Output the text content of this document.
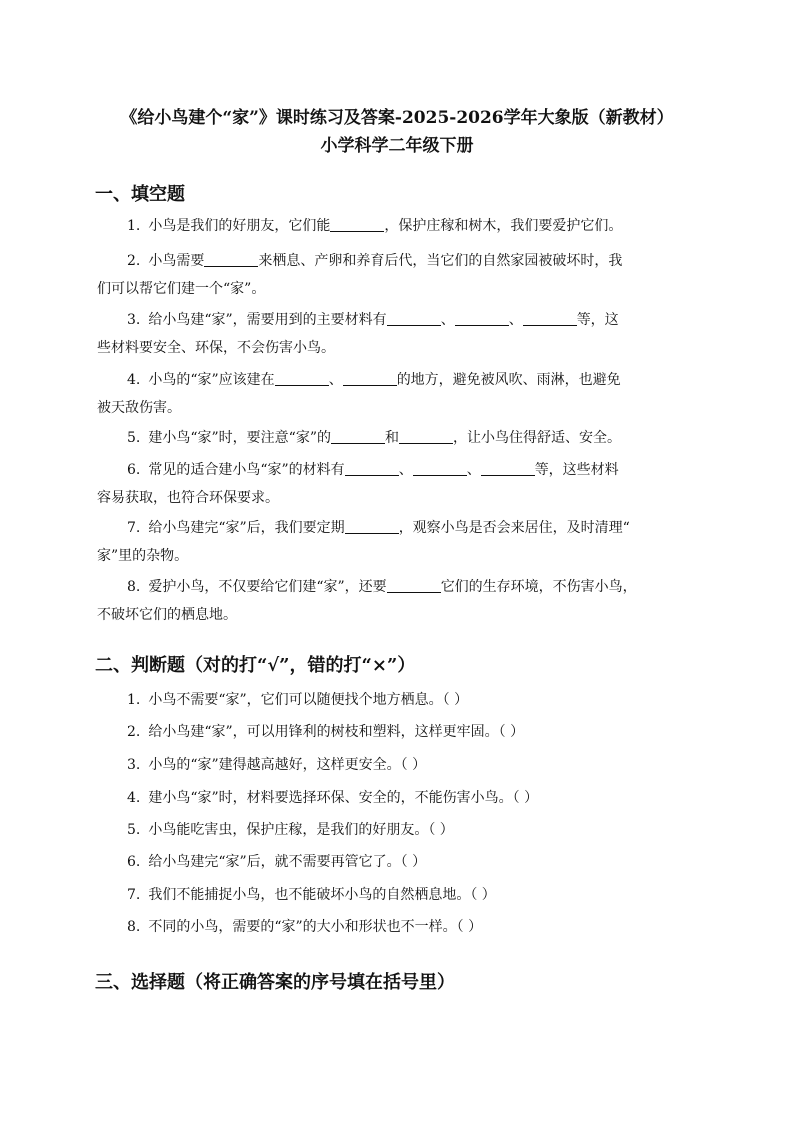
《给小鸟建个“家”》课时练习及答案-2025-2026学年大象版（新教材）
小学科学二年级下册
一、填空题
1. 小鸟是我们的好朋友，它们能	，保护庄稼和树木，我们要爱护它们。
2. 小鸟需要	来栖息、产卵和养育后代，当它们的自然家园被破坏时，我
们可以帮它们建一个“家”。
3. 给小鸟建“家”，需要用到的主要材料有	、	、	等，这
些材料要安全、环保，不会伤害小鸟。
4. 小鸟的“家”应该建在	、	的地方，避免被风吹、雨淋，也避免
被天敌伤害。
5. 建小鸟“家”时，要注意“家”的	和	，让小鸟住得舒适、安全。
6. 常见的适合建小鸟“家”的材料有	、	、	等，这些材料
容易获取，也符合环保要求。
7. 给小鸟建完“家”后，我们要定期	，观察小鸟是否会来居住，及时清理“
家”里的杂物。
8. 爱护小鸟，不仅要给它们建“家”，还要	它们的生存环境，不伤害小鸟，
不破坏它们的栖息地。
二、判断题（对的打“√”，错的打“×”）
1. 小鸟不需要“家”，它们可以随便找个地方栖息。（ ）
2. 给小鸟建“家”，可以用锋利的树枝和塑料，这样更牢固。（ ）
3. 小鸟的“家”建得越高越好，这样更安全。（ ）
4. 建小鸟“家”时，材料要选择环保、安全的，不能伤害小鸟。（ ）
5. 小鸟能吃害虫，保护庄稼，是我们的好朋友。（ ）
6. 给小鸟建完“家”后，就不需要再管它了。（ ）
7. 我们不能捕捉小鸟，也不能破坏小鸟的自然栖息地。（ ）
8. 不同的小鸟，需要的“家”的大小和形状也不一样。（ ）
三、选择题（将正确答案的序号填在括号里）
